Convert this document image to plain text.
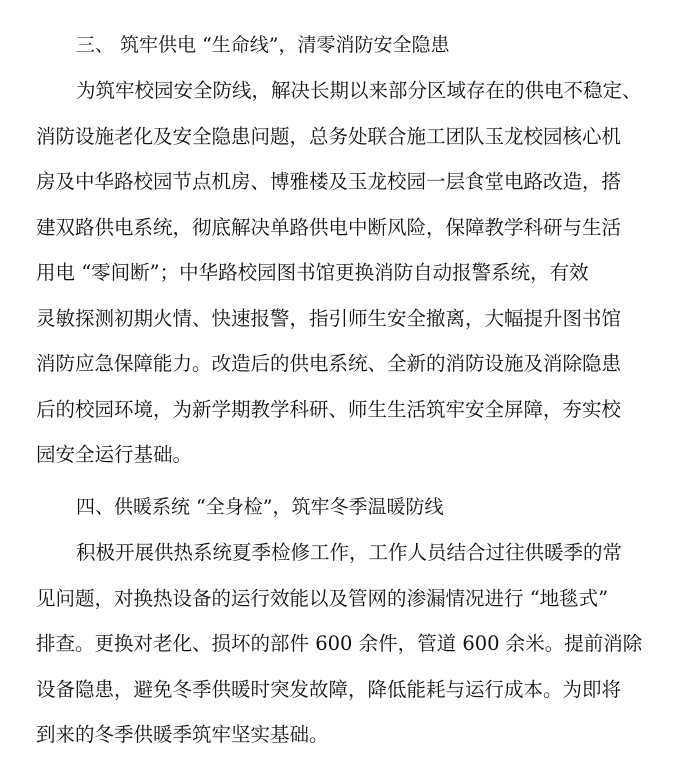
三、 筑牢供电 “生命线”，清零消防安全隐患

为筑牢校园安全防线，解决长期以来部分区域存在的供电不稳定、
消防设施老化及安全隐患问题，总务处联合施工团队玉龙校园核心机
房及中华路校园节点机房、博雅楼及玉龙校园一层食堂电路改造，搭
建双路供电系统，彻底解决单路供电中断风险，保障教学科研与生活
用电 “零间断”；中华路校园图书馆更换消防自动报警系统，有效
灵敏探测初期火情、快速报警，指引师生安全撤离，大幅提升图书馆
消防应急保障能力。改造后的供电系统、全新的消防设施及消除隐患
后的校园环境，为新学期教学科研、师生生活筑牢安全屏障，夯实校
园安全运行基础。

四、供暖系统 “全身检”，筑牢冬季温暖防线

积极开展供热系统夏季检修工作，工作人员结合过往供暖季的常
见问题，对换热设备的运行效能以及管网的渗漏情况进行 “地毯式”
排查。更换对老化、损坏的部件 600 余件，管道 600 余米。提前消除
设备隐患，避免冬季供暖时突发故障，降低能耗与运行成本。为即将
到来的冬季供暖季筑牢坚实基础。
